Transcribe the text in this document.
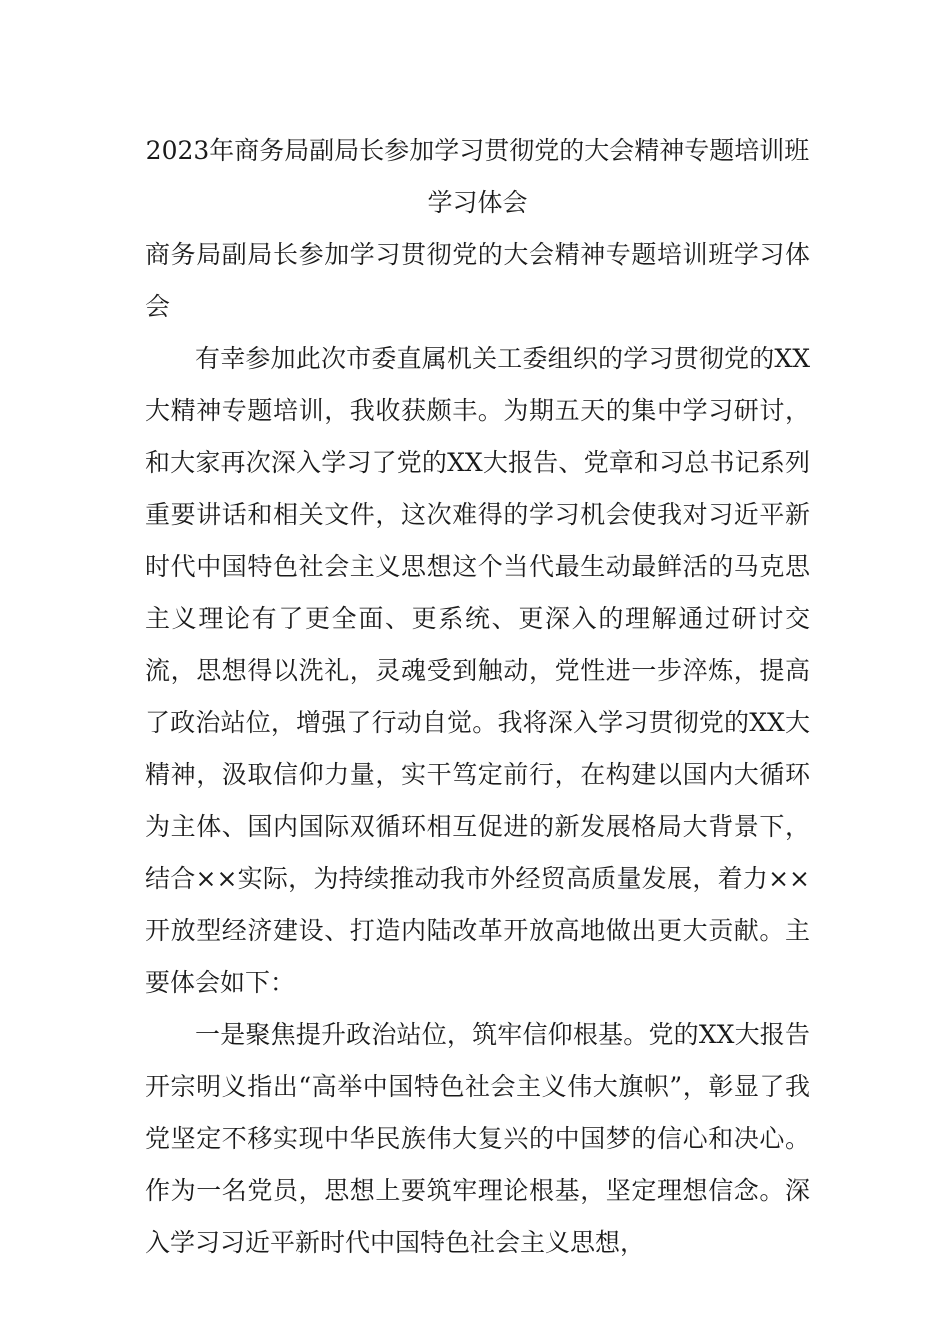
2023年商务局副局长参加学习贯彻党的大会精神专题培训班学习体会

商务局副局长参加学习贯彻党的大会精神专题培训班学习体会

有幸参加此次市委直属机关工委组织的学习贯彻党的XX大精神专题培训，我收获颇丰。为期五天的集中学习研讨，和大家再次深入学习了党的XX大报告、党章和习总书记系列重要讲话和相关文件，这次难得的学习机会使我对习近平新时代中国特色社会主义思想这个当代最生动最鲜活的马克思主义理论有了更全面、更系统、更深入的理解通过研讨交流，思想得以洗礼，灵魂受到触动，党性进一步淬炼，提高了政治站位，增强了行动自觉。我将深入学习贯彻党的XX大精神，汲取信仰力量，实干笃定前行，在构建以国内大循环为主体、国内国际双循环相互促进的新发展格局大背景下，结合××实际，为持续推动我市外经贸高质量发展，着力××开放型经济建设、打造内陆改革开放高地做出更大贡献。主要体会如下：

一是聚焦提升政治站位，筑牢信仰根基。党的XX大报告开宗明义指出“高举中国特色社会主义伟大旗帜”，彰显了我党坚定不移实现中华民族伟大复兴的中国梦的信心和决心。作为一名党员，思想上要筑牢理论根基，坚定理想信念。深入学习习近平新时代中国特色社会主义思想，
